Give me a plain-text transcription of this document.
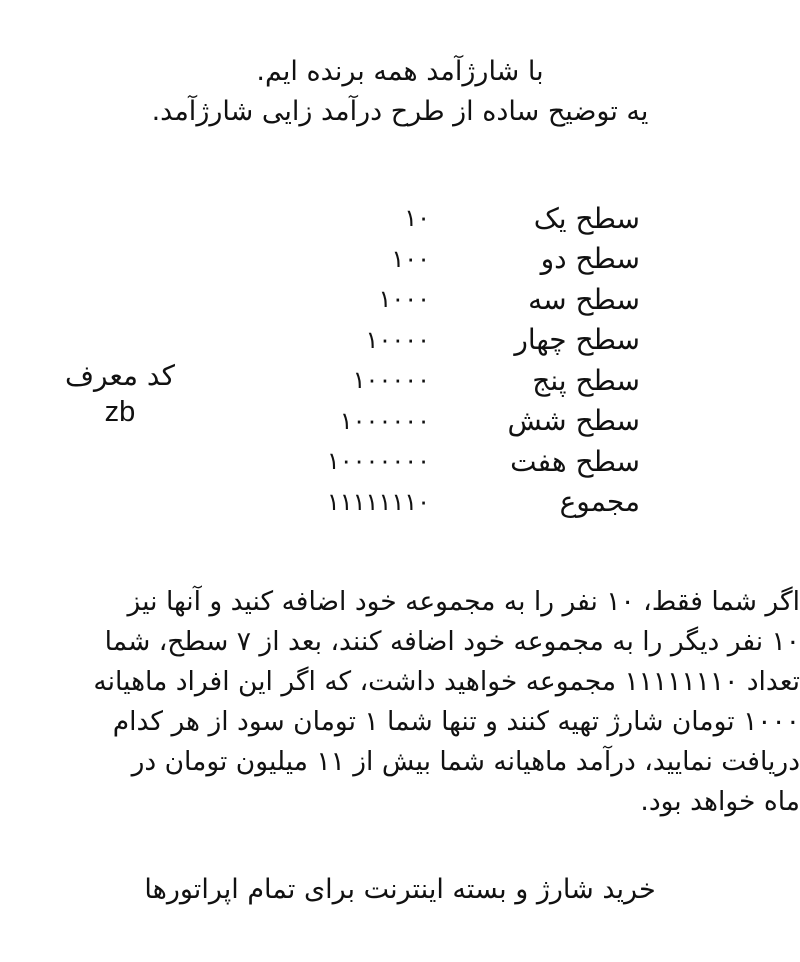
با شارژآمد همه برنده ایم.
یه توضیح ساده از طرح درآمد زایی شارژآمد.
سطح یک
۱۰
سطح دو
۱۰۰
سطح سه
۱۰۰۰
سطح چهار
۱۰۰۰۰
سطح پنج
۱۰۰۰۰۰
سطح شش
۱۰۰۰۰۰۰
سطح هفت
۱۰۰۰۰۰۰۰
مجموع
۱۱۱۱۱۱۱۰
کد معرف
zb
اگر شما فقط، ۱۰ نفر را به مجموعه خود اضافه کنید و آنها نیز
۱۰ نفر دیگر را به مجموعه خود اضافه کنند، بعد از ۷ سطح، شما
تعداد ۱۱۱۱۱۱۱۰ مجموعه خواهید داشت، که اگر این افراد ماهیانه
۱۰۰۰ تومان شارژ تهیه کنند و تنها شما ۱ تومان سود از هر کدام
دریافت نمایید، درآمد ماهیانه شما بیش از ۱۱ میلیون تومان در
ماه خواهد بود.
خرید شارژ و بسته اینترنت برای تمام اپراتورها
